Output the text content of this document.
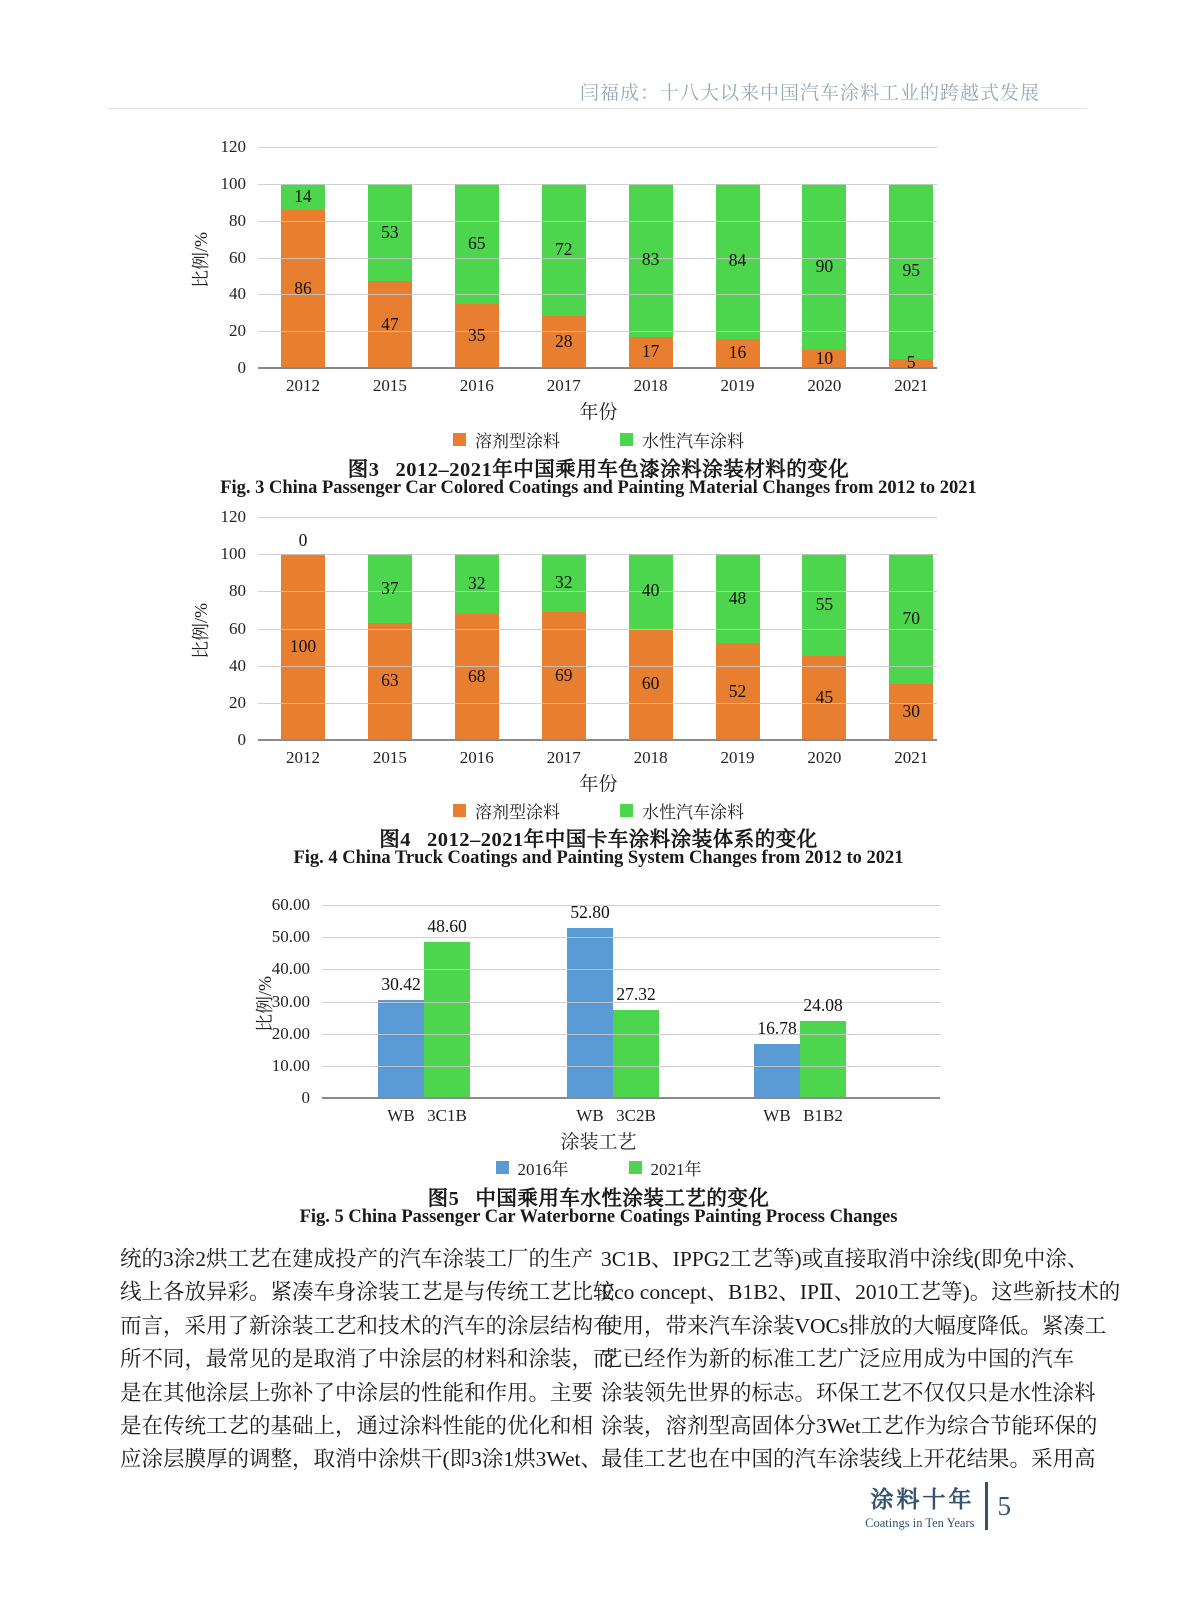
闫福成：十八大以来中国汽车涂料工业的跨越式发展
86
14
47
53
35
65
28
72
17
83
16
84
10
90
5
95
120
100
80
60
40
20
0
比例/%
年份
2012	2015	2016	2017	2018	2019	2020	2021
溶剂型涂料	水性汽车涂料
100
0
63
37
68
32
69
32
60
40
52
48
45
55
30
70
120
100
80
60
40
20
0
比例/%
年份
2012	2015	2016	2017	2018	2019	2020	2021
溶剂型涂料	水性汽车涂料
30.42
48.60
52.80
27.32
16.78
24.08
60.00
50.00
40.00
30.00
20.00
10.00
0
比例/%
涂装工艺
WB 3C1B	WB 3C2B	WB B1B2
2016年	2021年
图3 2012–2021年中国乘用车色漆涂料涂装材料的变化
Fig. 3 China Passenger Car Colored Coatings and Painting Material Changes from 2012 to 2021
图4 2012–2021年中国卡车涂料涂装体系的变化
Fig. 4 China Truck Coatings and Painting System Changes from 2012 to 2021
图5 中国乘用车水性涂装工艺的变化
Fig. 5 China Passenger Car Waterborne Coatings Painting Process Changes
统的3涂2烘工艺在建成投产的汽车涂装工厂的生产
线上各放异彩。紧凑车身涂装工艺是与传统工艺比较
而言，采用了新涂装工艺和技术的汽车的涂层结构有
所不同，最常见的是取消了中涂层的材料和涂装，而
是在其他涂层上弥补了中涂层的性能和作用。主要
是在传统工艺的基础上，通过涂料性能的优化和相
应涂层膜厚的调整，取消中涂烘干(即3涂1烘3Wet、
3C1B、IPPG2工艺等)或直接取消中涂线(即免中涂、
Eco concept、B1B2、IPⅡ、2010工艺等)。这些新技术的
使用，带来汽车涂装VOCs排放的大幅度降低。紧凑工
艺已经作为新的标准工艺广泛应用成为中国的汽车
涂装领先世界的标志。环保工艺不仅仅只是水性涂料
涂装，溶剂型高固体分3Wet工艺作为综合节能环保的
最佳工艺也在中国的汽车涂装线上开花结果。采用高
涂料十年
Coatings in Ten Years
5
